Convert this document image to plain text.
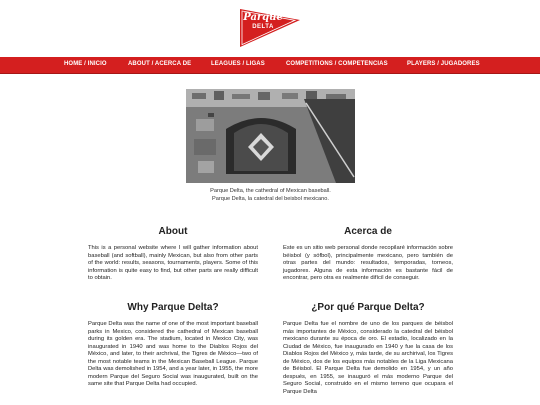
Parque
DELTA
HOME / INICIO	ABOUT / ACERCA DE	LEAGUES / LIGAS	COMPETITIONS / COMPETENCIAS	PLAYERS / JUGADORES
Parque Delta, the cathedral of Mexican baseball.
Parque Delta, la catedral del beisbol mexicano.
About

This is a personal website where I will gather information about baseball (and softball), mainly Mexican, but also from other parts of the world: results, seasons, tournaments, players. Some of this information is quite easy to find, but other parts are really difficult to obtain.

Acerca de

Este es un sitio web personal donde recopilaré información sobre béisbol (y sófbol), principalmente mexicano, pero también de otras partes del mundo: resultados, temporadas, torneos, jugadores. Alguna de esta información es bastante fácil de encontrar, pero otra es realmente difícil de conseguir.

Why Parque Delta?

Parque Delta was the name of one of the most important baseball parks in Mexico, considered the cathedral of Mexican baseball during its golden era. The stadium, located in Mexico City, was inaugurated in 1940 and was home to the Diablos Rojos del México, and later, to their archrival, the Tigres de México—two of the most notable teams in the Mexican Baseball League. Parque Delta was demolished in 1954, and a year later, in 1955, the more modern Parque del Seguro Social was inaugurated, built on the same site that Parque Delta had occupied.

¿Por qué Parque Delta?

Parque Delta fue el nombre de uno de los parques de béisbol más importantes de México, considerado la catedral del béisbol mexicano durante su época de oro. El estadio, localizado en la Ciudad de México, fue inaugurado en 1940 y fue la casa de los Diablos Rojos del México y, más tarde, de su archirival, los Tigres de México, dos de los equipos más notables de la Liga Mexicana de Béisbol. El Parque Delta fue demolido en 1954, y un año después, en 1955, se inauguró el más moderno Parque del Seguro Social, construido en el mismo terreno que ocupara el Parque Delta
